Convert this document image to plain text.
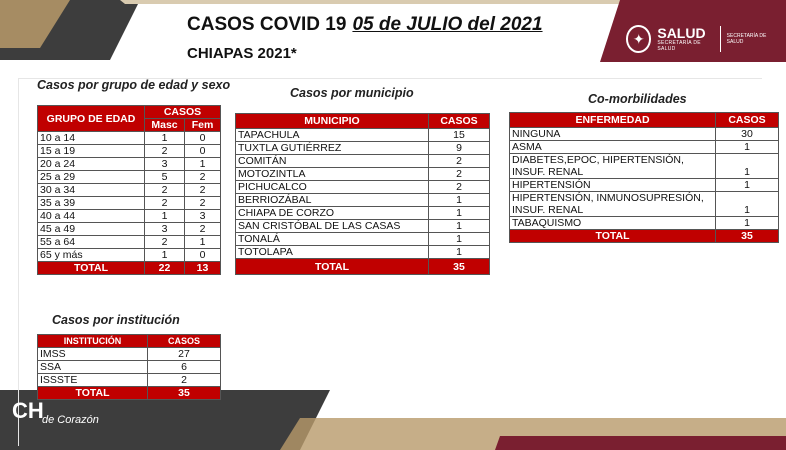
CASOS COVID 19 05 de JULIO del 2021
CHIAPAS 2021*
✦ SALUD
SECRETARÍA DE SALUD
SECRETARÍA DE SALUD
Casos por grupo de edad y sexo
GRUPO DE EDAD	CASOS	
	Masc	Fem
10 a 14	1	0
15 a 19	2	0
20 a 24	3	1
25 a 29	5	2
30 a 34	2	2
35 a 39	2	2
40 a 44	1	3
45 a 49	3	2
55 a 64	2	1
65 y más	1	0
TOTAL	22	13
Casos por institución
INSTITUCIÓN	CASOS
IMSS	27
SSA	6
ISSSTE	2
TOTAL	35
Casos por municipio
MUNICIPIO	CASOS
TAPACHULA	15
TUXTLA GUTIÉRREZ	9
COMITÁN	2
MOTOZINTLA	2
PICHUCALCO	2
BERRIOZÁBAL	1
CHIAPA DE CORZO	1
SAN CRISTÓBAL DE LAS CASAS	1
TONALÁ	1
TOTOLAPA	1
TOTAL	35
Co-morbilidades
ENFERMEDAD	CASOS
NINGUNA	30
ASMA	1
DIABETES,EPOC, HIPERTENSIÓN, INSUF. RENAL	1
HIPERTENSIÓN	1
HIPERTENSIÓN, INMUNOSUPRESIÓN, INSUF. RENAL	1
TABAQUISMO	1
TOTAL	35
CH
de Corazón
